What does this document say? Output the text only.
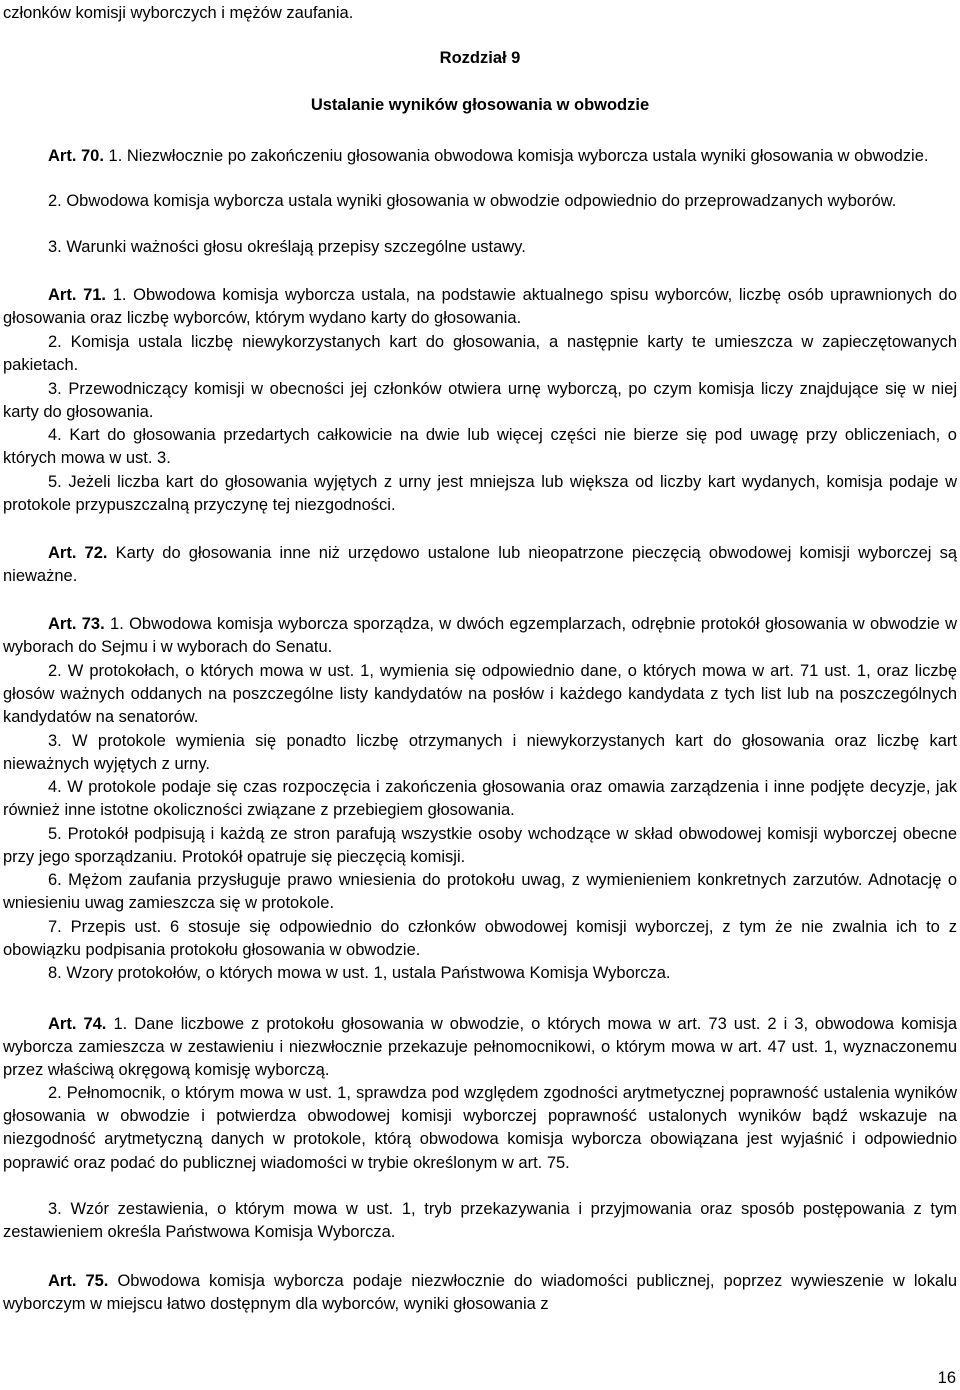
członków komisji wyborczych i mężów zaufania.

Rozdział 9

Ustalanie wyników głosowania w obwodzie

Art. 70. 1. Niezwłocznie po zakończeniu głosowania obwodowa komisja wyborcza ustala wyniki głosowania w obwodzie.

2. Obwodowa komisja wyborcza ustala wyniki głosowania w obwodzie odpowiednio do przeprowadzanych wyborów.

3. Warunki ważności głosu określają przepisy szczególne ustawy.

Art. 71. 1. Obwodowa komisja wyborcza ustala, na podstawie aktualnego spisu wyborców, liczbę osób uprawnionych do głosowania oraz liczbę wyborców, którym wydano karty do głosowania.

2. Komisja ustala liczbę niewykorzystanych kart do głosowania, a następnie karty te umieszcza w zapieczętowanych pakietach.

3. Przewodniczący komisji w obecności jej członków otwiera urnę wyborczą, po czym komisja liczy znajdujące się w niej karty do głosowania.

4. Kart do głosowania przedartych całkowicie na dwie lub więcej części nie bierze się pod uwagę przy obliczeniach, o których mowa w ust. 3.

5. Jeżeli liczba kart do głosowania wyjętych z urny jest mniejsza lub większa od liczby kart wydanych, komisja podaje w protokole przypuszczalną przyczynę tej niezgodności.

Art. 72. Karty do głosowania inne niż urzędowo ustalone lub nieopatrzone pieczęcią obwodowej komisji wyborczej są nieważne.

Art. 73. 1. Obwodowa komisja wyborcza sporządza, w dwóch egzemplarzach, odrębnie protokół głosowania w obwodzie w wyborach do Sejmu i w wyborach do Senatu.

2. W protokołach, o których mowa w ust. 1, wymienia się odpowiednio dane, o których mowa w art. 71 ust. 1, oraz liczbę głosów ważnych oddanych na poszczególne listy kandydatów na posłów i każdego kandydata z tych list lub na poszczególnych kandydatów na senatorów.

3. W protokole wymienia się ponadto liczbę otrzymanych i niewykorzystanych kart do głosowania oraz liczbę kart nieważnych wyjętych z urny.

4. W protokole podaje się czas rozpoczęcia i zakończenia głosowania oraz omawia zarządzenia i inne podjęte decyzje, jak również inne istotne okoliczności związane z przebiegiem głosowania.

5. Protokół podpisują i każdą ze stron parafują wszystkie osoby wchodzące w skład obwodowej komisji wyborczej obecne przy jego sporządzaniu. Protokół opatruje się pieczęcią komisji.

6. Mężom zaufania przysługuje prawo wniesienia do protokołu uwag, z wymienieniem konkretnych zarzutów. Adnotację o wniesieniu uwag zamieszcza się w protokole.

7. Przepis ust. 6 stosuje się odpowiednio do członków obwodowej komisji wyborczej, z tym że nie zwalnia ich to z obowiązku podpisania protokołu głosowania w obwodzie.

8. Wzory protokołów, o których mowa w ust. 1, ustala Państwowa Komisja Wyborcza.

Art. 74. 1. Dane liczbowe z protokołu głosowania w obwodzie, o których mowa w art. 73 ust. 2 i 3, obwodowa komisja wyborcza zamieszcza w zestawieniu i niezwłocznie przekazuje pełnomocnikowi, o którym mowa w art. 47 ust. 1, wyznaczonemu przez właściwą okręgową komisję wyborczą.

2. Pełnomocnik, o którym mowa w ust. 1, sprawdza pod względem zgodności arytmetycznej poprawność ustalenia wyników głosowania w obwodzie i potwierdza obwodowej komisji wyborczej poprawność ustalonych wyników bądź wskazuje na niezgodność arytmetyczną danych w protokole, którą obwodowa komisja wyborcza obowiązana jest wyjaśnić i odpowiednio poprawić oraz podać do publicznej wiadomości w trybie określonym w art. 75.

3. Wzór zestawienia, o którym mowa w ust. 1, tryb przekazywania i przyjmowania oraz sposób postępowania z tym zestawieniem określa Państwowa Komisja Wyborcza.

Art. 75. Obwodowa komisja wyborcza podaje niezwłocznie do wiadomości publicznej, poprzez wywieszenie w lokalu wyborczym w miejscu łatwo dostępnym dla wyborców, wyniki głosowania z

16
